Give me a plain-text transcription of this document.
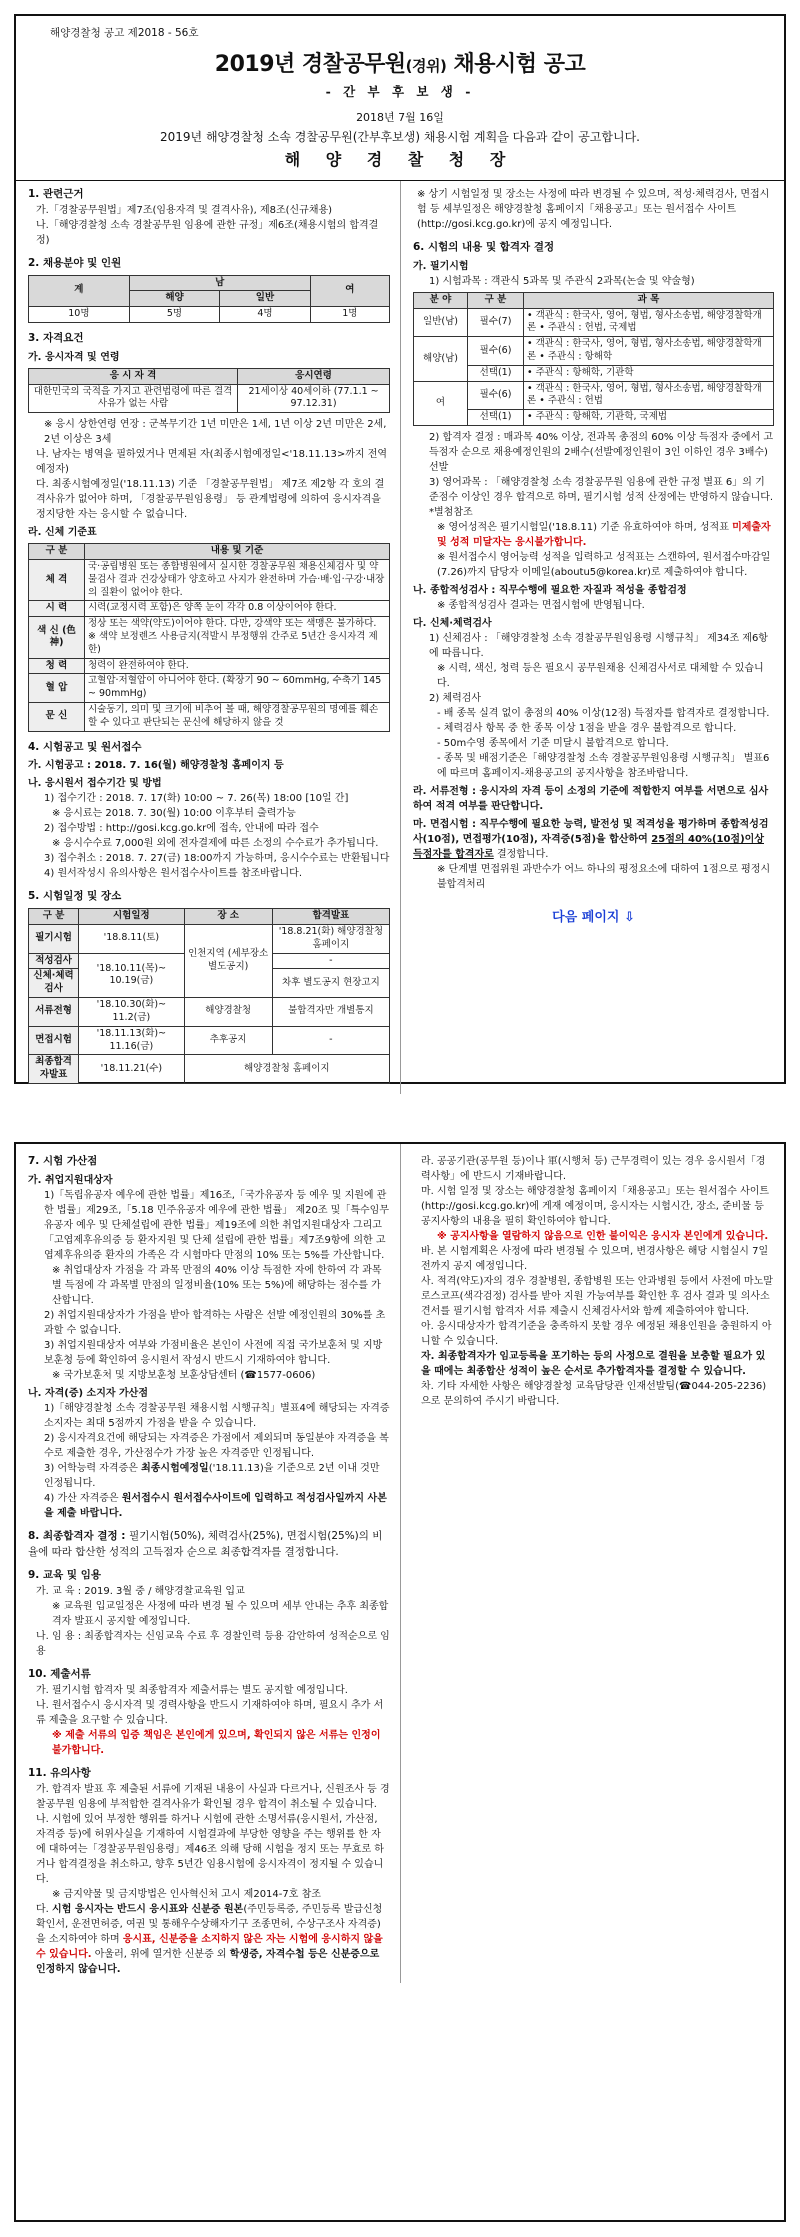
해양경찰청 공고 제2018 - 56호
2019년 경찰공무원(경위) 채용시험 공고
- 간 부 후 보 생 -
2018년 7월 16일
2019년 해양경찰청 소속 경찰공무원(간부후보생) 채용시험 계획을 다음과 같이 공고합니다.
해 양 경 찰 청 장
1. 관련근거
가.「경찰공무원법」제7조(임용자격 및 결격사유), 제8조(신규채용)
나.「해양경찰청 소속 경찰공무원 임용에 관한 규정」제6조(채용시험의 합격결정)
2. 채용분야 및 인원
계	남		여
	해양	일반	
10명	5명	4명	1명
3. 자격요건
가. 응시자격 및 연령
응 시 자 격	응시연령
대한민국의 국적을 가지고 관련법령에 따른 결격사유가 없는 사람	21세이상 40세이하 (77.1.1 ~ 97.12.31)
※ 응시 상한연령 연장 : 군복무기간 1년 미만은 1세, 1년 이상 2년 미만은 2세, 2년 이상은 3세
나. 남자는 병역을 필하였거나 면제된 자(최종시험예정일<'18.11.13>까지 전역예정자)
다. 최종시험예정일('18.11.13) 기준 「경찰공무원법」 제7조 제2항 각 호의 결격사유가 없어야 하며, 「경찰공무원임용령」 등 관계법령에 의하여 응시자격을 정지당한 자는 응시할 수 없습니다.
라. 신체 기준표
구 분	내용 및 기준
체 격	국·공립병원 또는 종합병원에서 실시한 경찰공무원 채용신체검사 및 약물검사 결과 건강상태가 양호하고 사지가 완전하며 가슴·배·입·구강·내장의 질환이 없어야 한다.
시 력	시력(교정시력 포함)은 양쪽 눈이 각각 0.8 이상이어야 한다.
색 신 (色 神)	정상 또는 색약(약도)이어야 한다. 다만, 강색약 또는 색맹은 불가하다. ※ 색약 보정렌즈 사용금지(적발시 부정행위 간주로 5년간 응시자격 제한)
청 력	청력이 완전하여야 한다.
혈 압	고혈압·저혈압이 아니어야 한다. (확장기 90 ~ 60mmHg, 수축기 145 ~ 90mmHg)
문 신	시술동기, 의미 및 크기에 비추어 볼 때, 해양경찰공무원의 명예를 훼손할 수 있다고 판단되는 문신에 해당하지 않을 것
4. 시험공고 및 원서접수
가. 시험공고 : 2018. 7. 16(월) 해양경찰청 홈페이지 등
나. 응시원서 접수기간 및 방법
1) 접수기간 : 2018. 7. 17(화) 10:00 ~ 7. 26(목) 18:00 [10일 간]
※ 응시료는 2018. 7. 30(월) 10:00 이후부터 출력가능
2) 접수방법 : http://gosi.kcg.go.kr에 접속, 안내에 따라 접수
※ 응시수수료 7,000원 외에 전자결제에 따른 소정의 수수료가 추가됩니다.
3) 접수취소 : 2018. 7. 27(금) 18:00까지 가능하며, 응시수수료는 반환됩니다
4) 원서작성시 유의사항은 원서접수사이트를 참조바랍니다.
5. 시험일정 및 장소
구 분	시험일정	장 소	합격발표
필기시험	'18.8.11(토)	인천지역 (세부장소 별도공지)	'18.8.21(화) 해양경찰청 홈페이지
적성검사	'18.10.11(목)~ 10.19(금)		-
신체·체력검사			차후 별도공지 현장고지
서류전형	'18.10.30(화)~ 11.2(금)	해양경찰청	불합격자만 개별통지
면접시험	'18.11.13(화)~ 11.16(금)	추후공지	-
최종합격자발표	'18.11.21(수)	해양경찰청 홈페이지	
※ 상기 시험일정 및 장소는 사정에 따라 변경될 수 있으며, 적성·체력검사, 면접시험 등 세부일정은 해양경찰청 홈페이지「채용공고」또는 원서접수 사이트(http://gosi.kcg.go.kr)에 공지 예정입니다.
6. 시험의 내용 및 합격자 결정
가. 필기시험
1) 시험과목 : 객관식 5과목 및 주관식 2과목(논술 및 약술형)
분 야	구 분	과 목
일반(남)	필수(7)	• 객관식 : 한국사, 영어, 형법, 형사소송법, 해양경찰학개론 • 주관식 : 헌법, 국제법
해양(남)	필수(6)	• 객관식 : 한국사, 영어, 형법, 형사소송법, 해양경찰학개론 • 주관식 : 항해학
	선택(1)	• 주관식 : 항해학, 기관학
여	필수(6)	• 객관식 : 한국사, 영어, 형법, 형사소송법, 해양경찰학개론 • 주관식 : 헌법
	선택(1)	• 주관식 : 항해학, 기관학, 국제법
2) 합격자 결정 : 매과목 40% 이상, 전과목 총점의 60% 이상 득점자 중에서 고득점자 순으로 채용예정인원의 2배수(선발예정인원이 3인 이하인 경우 3배수) 선발
3) 영어과목 : 「해양경찰청 소속 경찰공무원 임용에 관한 규정 별표 6」의 기준점수 이상인 경우 합격으로 하며, 필기시험 성적 산정에는 반영하지 않습니다. *별첨참조
※ 영어성적은 필기시험일('18.8.11) 기준 유효하여야 하며, 성적표 미제출자 및 성적 미달자는 응시불가합니다.
※ 원서접수시 영어능력 성적을 입력하고 성적표는 스캔하여, 원서접수마감일(7.26)까지 담당자 이메일(aboutu5@korea.kr)로 제출하여야 합니다.
나. 종합적성검사 : 직무수행에 필요한 자질과 적성을 종합검정
※ 종합적성검사 결과는 면접시험에 반영됩니다.
다. 신체·체력검사
1) 신체검사 : 「해양경찰청 소속 경찰공무원임용령 시행규칙」 제34조 제6항에 따릅니다.
※ 시력, 색신, 청력 등은 필요시 공무원채용 신체검사서로 대체할 수 있습니다.
2) 체력검사
- 배 종목 실격 없이 총점의 40% 이상(12점) 득점자를 합격자로 결정합니다.
- 체력검사 항목 중 한 종목 이상 1점을 받을 경우 불합격으로 합니다.
- 50m수영 종목에서 기준 미달시 불합격으로 합니다.
- 종목 및 배점기준은「해양경찰청 소속 경찰공무원임용령 시행규칙」 별표6에 따르며 홈페이지-채용공고의 공지사항을 참조바랍니다.
라. 서류전형 : 응시자의 자격 등이 소정의 기준에 적합한지 여부를 서면으로 심사하여 적격 여부를 판단합니다.
마. 면접시험 : 직무수행에 필요한 능력, 발전성 및 적격성을 평가하며 종합적성검사(10점), 면접평가(10점), 자격증(5점)을 합산하여 25점의 40%(10점)이상 득점자를 합격자로 결정합니다.
※ 단계별 면접위원 과반수가 어느 하나의 평정요소에 대하여 1점으로 평정시 불합격처리
다음 페이지 ⇩
7. 시험 가산점
가. 취업지원대상자
1)「독립유공자 예우에 관한 법률」제16조,「국가유공자 등 예우 및 지원에 관한 법률」제29조,「5.18 민주유공자 예우에 관한 법률」 제20조 및「특수임무유공자 예우 및 단체설립에 관한 법률」제19조에 의한 취업지원대상자 그리고「고엽제후유의증 등 환자지원 및 단체 설립에 관한 법률」제7조9항에 의한 고엽제후유의증 환자의 가족은 각 시험마다 만점의 10% 또는 5%를 가산합니다.
※ 취업대상자 가점을 각 과목 만점의 40% 이상 득점한 자에 한하여 각 과목별 득점에 각 과목별 만점의 일정비율(10% 또는 5%)에 해당하는 점수를 가산합니다.
2) 취업지원대상자가 가점을 받아 합격하는 사람은 선발 예정인원의 30%를 초과할 수 없습니다.
3) 취업지원대상자 여부와 가점비율은 본인이 사전에 직접 국가보훈처 및 지방보훈청 등에 확인하여 응시원서 작성시 반드시 기재하여야 합니다.
※ 국가보훈처 및 지방보훈청 보훈상담센터 (☎1577-0606)
나. 자격(증) 소지자 가산점
1)「해양경찰청 소속 경찰공무원 채용시험 시행규칙」별표4에 해당되는 자격증 소지자는 최대 5점까지 가점을 받을 수 있습니다.
2) 응시자격요건에 해당되는 자격증은 가점에서 제외되며 동일분야 자격증을 복수로 제출한 경우, 가산점수가 가장 높은 자격증만 인정됩니다.
3) 어학능력 자격증은 최종시험예정일('18.11.13)을 기준으로 2년 이내 것만 인정됩니다.
4) 가산 자격증은 원서접수시 원서접수사이트에 입력하고 적성검사일까지 사본을 제출 바랍니다.
8. 최종합격자 결정 : 필기시험(50%), 체력검사(25%), 면접시험(25%)의 비율에 따라 합산한 성적의 고득점자 순으로 최종합격자를 결정합니다.
9. 교육 및 임용
가. 교 육 : 2019. 3월 중 / 해양경찰교육원 입교
※ 교육원 입교일정은 사정에 따라 변경 될 수 있으며 세부 안내는 추후 최종합격자 발표시 공지할 예정입니다.
나. 임 용 : 최종합격자는 신임교육 수료 후 경찰인력 등용 감안하여 성적순으로 임용
10. 제출서류
가. 필기시험 합격자 및 최종합격자 제출서류는 별도 공지할 예정입니다.
나. 원서접수시 응시자격 및 경력사항을 반드시 기재하여야 하며, 필요시 추가 서류 제출을 요구할 수 있습니다.
※ 제출 서류의 입증 책임은 본인에게 있으며, 확인되지 않은 서류는 인정이 불가합니다.
11. 유의사항
가. 합격자 발표 후 제출된 서류에 기재된 내용이 사실과 다르거나, 신원조사 등 경찰공무원 임용에 부적합한 결격사유가 확인될 경우 합격이 취소될 수 있습니다.
나. 시험에 있어 부정한 행위를 하거나 시험에 관한 소명서류(응시원서, 가산점, 자격증 등)에 허위사실을 기재하여 시험결과에 부당한 영향을 주는 행위를 한 자에 대하여는「경찰공무원임용령」제46조 의해 당해 시험을 정지 또는 무효로 하거나 합격결정을 취소하고, 향후 5년간 임용시험에 응시자격이 정지될 수 있습니다.
※ 금지약물 및 금지방법은 인사혁신처 고시 제2014-7호 참조
다. 시험 응시자는 반드시 응시표와 신분증 원본(주민등록증, 주민등록 발급신청 확인서, 운전면허증, 여권 및 통해우수상해자기구 조종면허, 수상구조사 자격증)을 소지하여야 하며 응시표, 신분증을 소지하지 않은 자는 시험에 응시하지 않을 수 있습니다. 아울러, 위에 열거한 신분증 외 학생증, 자격수첩 등은 신분증으로 인정하지 않습니다.
라. 공공기관(공무원 등)이나 軍(시행처 등) 근무경력이 있는 경우 응시원서「경력사항」에 반드시 기재바랍니다.
마. 시험 일정 및 장소는 해양경찰청 홈페이지「채용공고」또는 원서접수 사이트(http://gosi.kcg.go.kr)에 게재 예정이며, 응시자는 시험시간, 장소, 준비물 등 공지사항의 내용을 필히 확인하여야 합니다.
※ 공지사항을 열람하지 않음으로 인한 불이익은 응시자 본인에게 있습니다.
바. 본 시험계획은 사정에 따라 변경될 수 있으며, 변경사항은 해당 시험실시 7일 전까지 공지 예정입니다.
사. 적격(약도)자의 경우 경찰병원, 종합병원 또는 안과병원 등에서 사전에 마노말로스코프(색각검정) 검사를 받아 지원 가능여부를 확인한 후 검사 결과 및 의사소견서를 필기시험 합격자 서류 제출시 신체검사서와 함께 제출하여야 합니다.
아. 응시대상자가 합격기준을 충족하지 못할 경우 예정된 채용인원을 충원하지 아니할 수 있습니다.
자. 최종합격자가 임교등록을 포기하는 등의 사정으로 결원을 보충할 필요가 있을 때에는 최종합산 성적이 높은 순서로 추가합격자를 결정할 수 있습니다.
차. 기타 자세한 사항은 해양경찰청 교육담당관 인재선발팀(☎044-205-2236)으로 문의하여 주시기 바랍니다.
